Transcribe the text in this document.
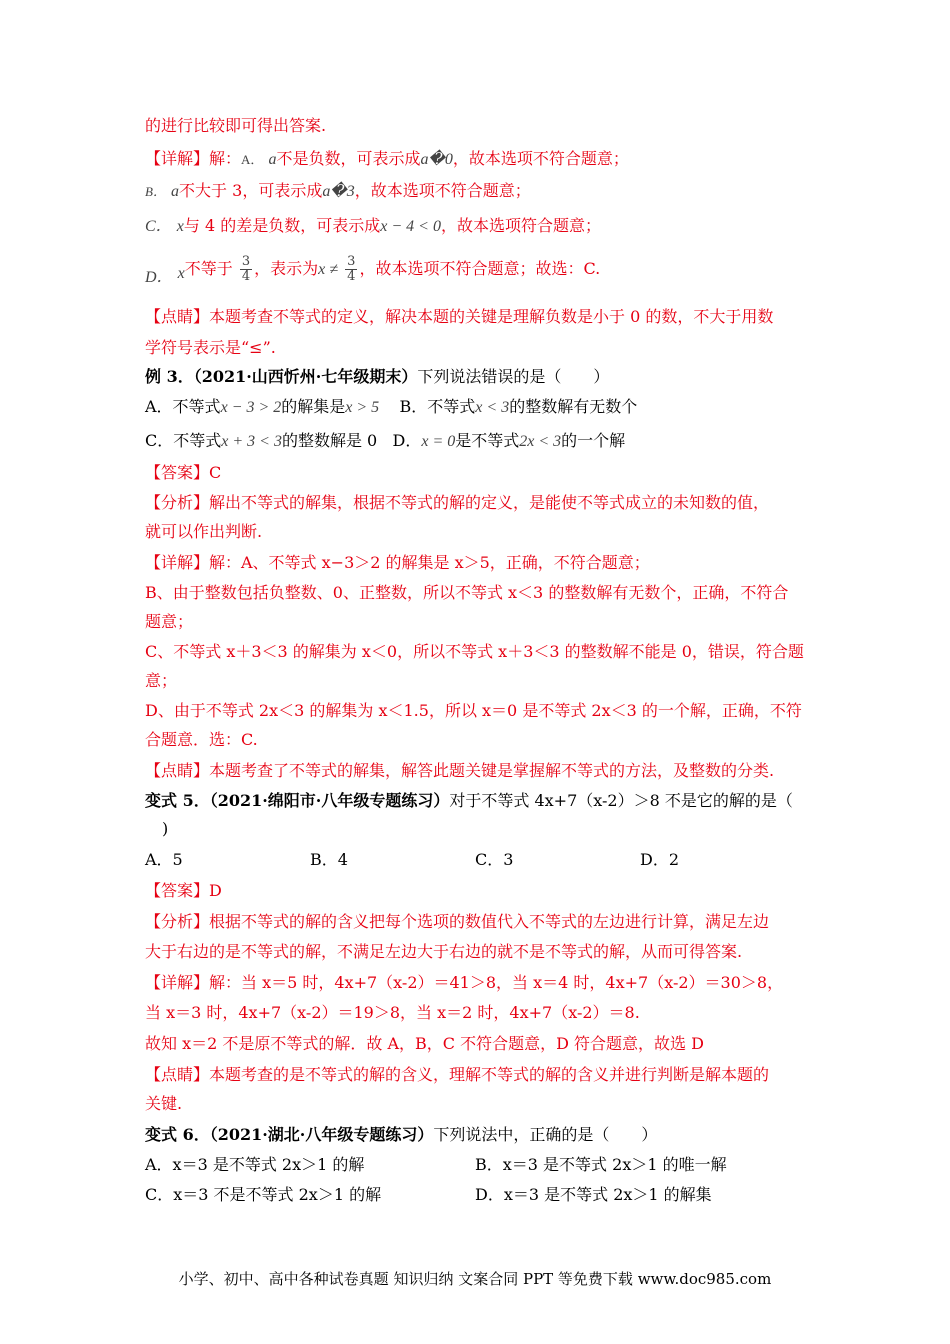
的进行比较即可得出答案.
【详解】解：A． a不是负数，可表示成a�0，故本选项不符合题意；
B． a不大于 3，可表示成a�3，故本选项不符合题意；
C． x与 4 的差是负数，可表示成x − 4 < 0，故本选项符合题意；
D． x不等于 $\frac{3}{4}$ ，表示为$x \ne \frac{3}{4}$ ，故本选项不符合题意；故选：C.
【点睛】本题考查不等式的定义，解决本题的关键是理解负数是小于 0 的数，不大于用数
学符号表示是“≤”.
例 3．（2021·山西忻州·七年级期末）下列说法错误的是（　　）
A．不等式x − 3 > 2的解集是x > 5 B．不等式x < 3的整数解有无数个
C．不等式x + 3 < 3的整数解是 0 D．x = 0是不等式2x < 3的一个解
【答案】C
【分析】解出不等式的解集，根据不等式的解的定义，是能使不等式成立的未知数的值，
就可以作出判断.
【详解】解：A、不等式 x−3＞2 的解集是 x＞5，正确，不符合题意；
B、由于整数包括负整数、0、正整数，所以不等式 x＜3 的整数解有无数个，正确，不符合
题意；
C、不等式 x＋3＜3 的解集为 x＜0，所以不等式 x＋3＜3 的整数解不能是 0，错误，符合题
意；
D、由于不等式 2x＜3 的解集为 x＜1.5，所以 x＝0 是不等式 2x＜3 的一个解，正确，不符
合题意．选：C.
【点睛】本题考查了不等式的解集，解答此题关键是掌握解不等式的方法，及整数的分类.
变式 5．（2021·绵阳市·八年级专题练习）对于不等式 4x+7（x-2）＞8 不是它的解的是（
)
A．5	B．4	C．3	D．2
【答案】D
【分析】根据不等式的解的含义把每个选项的数值代入不等式的左边进行计算，满足左边
大于右边的是不等式的解，不满足左边大于右边的就不是不等式的解，从而可得答案.
【详解】解：当 x＝5 时，4x+7（x-2）＝41＞8，当 x＝4 时，4x+7（x-2）＝30＞8，
当 x＝3 时，4x+7（x-2）＝19＞8，当 x＝2 时，4x+7（x-2）＝8.
故知 x＝2 不是原不等式的解．故 A，B，C 不符合题意，D 符合题意，故选 D
【点睛】本题考查的是不等式的解的含义，理解不等式的解的含义并进行判断是解本题的
关键.
变式 6．（2021·湖北·八年级专题练习）下列说法中，正确的是（　　）
A．x＝3 是不等式 2x＞1 的解	B．x＝3 是不等式 2x＞1 的唯一解
C．x＝3 不是不等式 2x＞1 的解	D．x＝3 是不等式 2x＞1 的解集
小学、初中、高中各种试卷真题 知识归纳 文案合同 PPT 等免费下载 www.doc985.com
